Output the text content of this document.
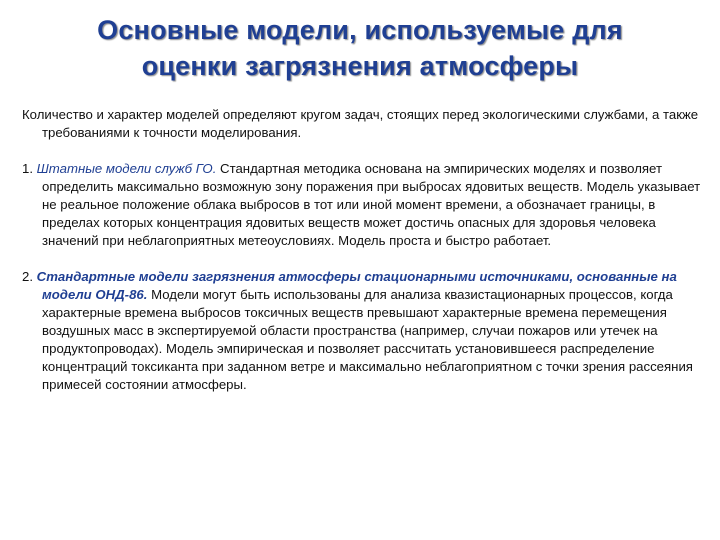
Основные модели, используемые для
оценки загрязнения атмосферы

Количество и характер моделей определяют кругом задач, стоящих перед экологическими службами, а также требованиями к точности моделирования.

1. Штатные модели служб ГО. Стандартная методика основана на эмпирических моделях и позволяет определить максимально возможную зону поражения при выбросах ядовитых веществ. Модель указывает не реальное положение облака выбросов в тот или иной момент времени, а обозначает границы, в пределах которых концентрация ядовитых веществ может достичь опасных для здоровья человека значений при неблагоприятных метеоусловиях. Модель проста и быстро работает.

2. Стандартные модели загрязнения атмосферы стационарными источниками, основанные на модели ОНД-86. Модели могут быть использованы для анализа квазистационарных процессов, когда характерные времена выбросов токсичных веществ превышают характерные времена перемещения воздушных масс в экспертируемой области пространства (например, случаи пожаров или утечек на продуктопроводах). Модель эмпирическая и позволяет рассчитать установившееся распределение концентраций токсиканта при заданном ветре и максимально неблагоприятном с точки зрения рассеяния примесей состоянии атмосферы.
